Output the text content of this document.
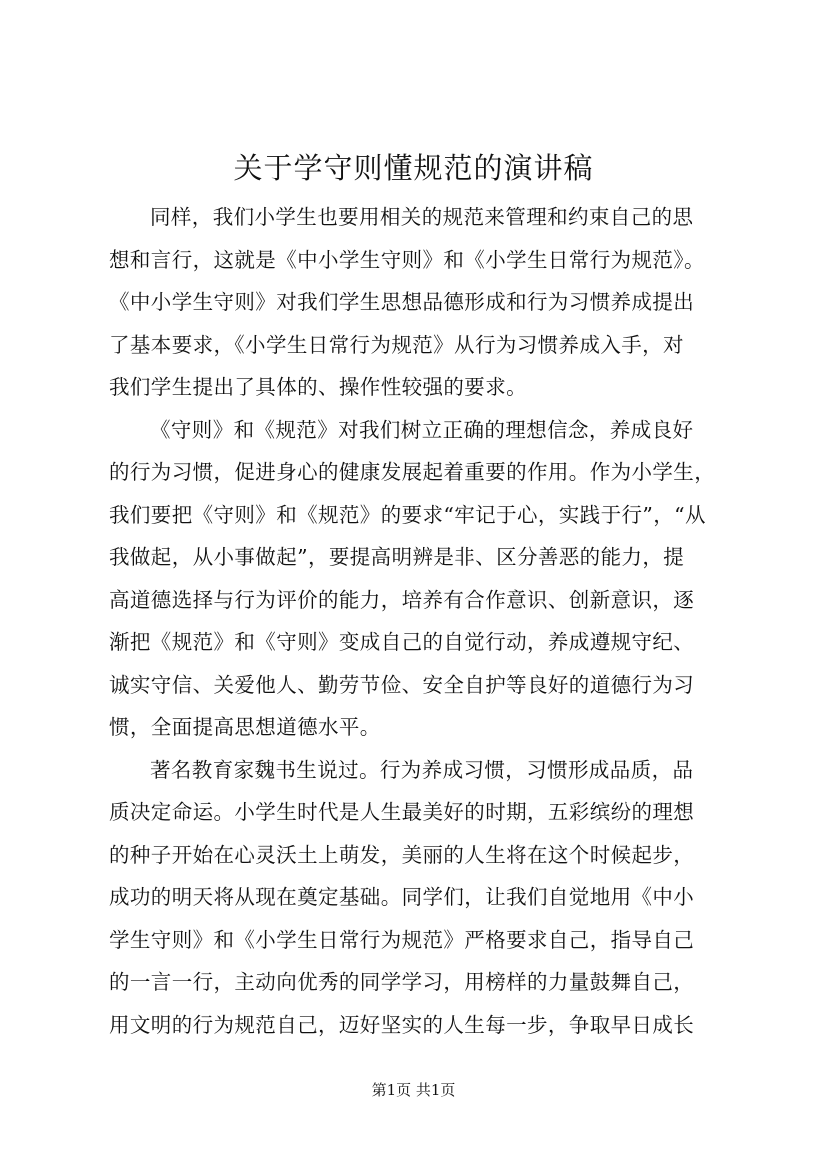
关于学守则懂规范的演讲稿
同样，我们小学生也要用相关的规范来管理和约束自己的思
想和言行，这就是《中小学生守则》和《小学生日常行为规范》。
《中小学生守则》对我们学生思想品德形成和行为习惯养成提出
了基本要求，《小学生日常行为规范》从行为习惯养成入手，对
我们学生提出了具体的、操作性较强的要求。
《守则》和《规范》对我们树立正确的理想信念，养成良好
的行为习惯，促进身心的健康发展起着重要的作用。作为小学生，
我们要把《守则》和《规范》的要求“牢记于心，实践于行”，“从
我做起，从小事做起”，要提高明辨是非、区分善恶的能力，提
高道德选择与行为评价的能力，培养有合作意识、创新意识，逐
渐把《规范》和《守则》变成自己的自觉行动，养成遵规守纪、
诚实守信、关爱他人、勤劳节俭、安全自护等良好的道德行为习
惯，全面提高思想道德水平。
著名教育家魏书生说过。行为养成习惯，习惯形成品质，品
质决定命运。小学生时代是人生最美好的时期，五彩缤纷的理想
的种子开始在心灵沃土上萌发，美丽的人生将在这个时候起步，
成功的明天将从现在奠定基础。同学们，让我们自觉地用《中小
学生守则》和《小学生日常行为规范》严格要求自己，指导自己
的一言一行，主动向优秀的同学学习，用榜样的力量鼓舞自己，
用文明的行为规范自己，迈好坚实的人生每一步，争取早日成长
第1页 共1页
